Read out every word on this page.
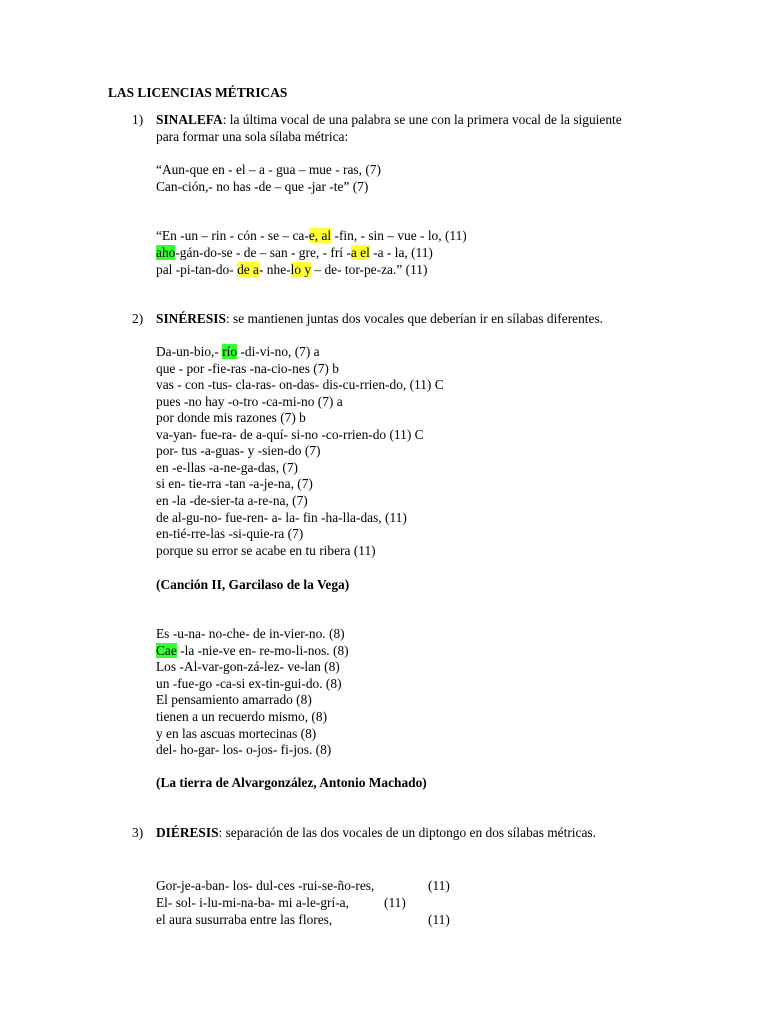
LAS LICENCIAS MÉTRICAS
1) SINALEFA: la última vocal de una palabra se une con la primera vocal de la siguiente
para formar una sola sílaba métrica:
“Aun-que en - el – a - gua – mue - ras, (7)
Can-ción,- no has -de – que -jar -te” (7)
“En -un – rin - cón - se – ca-e, al -fin, - sin – vue - lo, (11)
aho-gán-do-se - de – san - gre, - frí -a el -a - la, (11)
pal -pi-tan-do- de a- nhe-lo y – de- tor-pe-za.” (11)
2) SINÉRESIS: se mantienen juntas dos vocales que deberían ir en sílabas diferentes.
Da-un-bio,- río -di-vi-no, (7) a
que - por -fie-ras -na-cio-nes (7) b
vas - con -tus- cla-ras- on-das- dis-cu-rrien-do, (11) C
pues -no hay -o-tro -ca-mi-no (7) a
por donde mis razones (7) b
va-yan- fue-ra- de a-quí- si-no -co-rrien-do (11) C
por- tus -a-guas- y -sien-do (7)
en -e-llas -a-ne-ga-das, (7)
si en- tie-rra -tan -a-je-na, (7)
en -la -de-sier-ta a-re-na, (7)
de al-gu-no- fue-ren- a- la- fin -ha-lla-das, (11)
en-tié-rre-las -si-quie-ra (7)
porque su error se acabe en tu ribera (11)
(Canción II, Garcilaso de la Vega)
Es -u-na- no-che- de in-vier-no. (8)
Cae -la -nie-ve en- re-mo-li-nos. (8)
Los -Al-var-gon-zá-lez- ve-lan (8)
un -fue-go -ca-si ex-tin-gui-do. (8)
El pensamiento amarrado (8)
tienen a un recuerdo mismo, (8)
y en las ascuas mortecinas (8)
del- ho-gar- los- o-jos- fi-jos. (8)
(La tierra de Alvargonzález, Antonio Machado)
3) DIÉRESIS: separación de las dos vocales de un diptongo en dos sílabas métricas.
Gor-je-a-ban- los- dul-ces -rui-se-ño-res,	(11)
El- sol- i-lu-mi-na-ba- mi a-le-grí-a,	(11)
el aura susurraba entre las flores,	(11)
